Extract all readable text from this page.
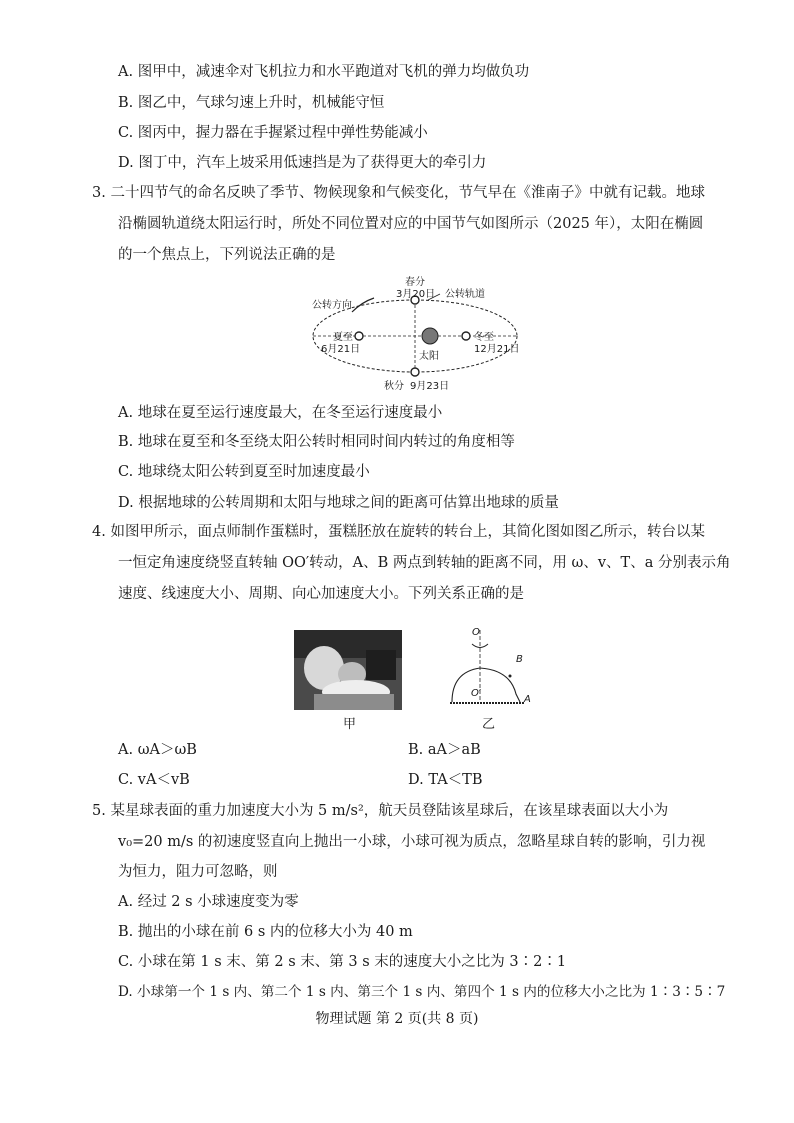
A. 图甲中，减速伞对飞机拉力和水平跑道对飞机的弹力均做负功
B. 图乙中，气球匀速上升时，机械能守恒
C. 图丙中，握力器在手握紧过程中弹性势能减小
D. 图丁中，汽车上坡采用低速挡是为了获得更大的牵引力
3. 二十四节气的命名反映了季节、物候现象和气候变化，节气早在《淮南子》中就有记载。地球
沿椭圆轨道绕太阳运行时，所处不同位置对应的中国节气如图所示（2025 年），太阳在椭圆
的一个焦点上，下列说法正确的是
春分
3月20日 公转轨道
公转方向
夏至
6月21日
冬至
12月21日
太阳
秋分 9月23日
A. 地球在夏至运行速度最大，在冬至运行速度最小
B. 地球在夏至和冬至绕太阳公转时相同时间内转过的角度相等
C. 地球绕太阳公转到夏至时加速度最小
D. 根据地球的公转周期和太阳与地球之间的距离可估算出地球的质量
4. 如图甲所示，面点师制作蛋糕时，蛋糕胚放在旋转的转台上，其简化图如图乙所示，转台以某
一恒定角速度绕竖直转轴 OO′转动，A、B 两点到转轴的距离不同，用 ω、v、T、a 分别表示角
速度、线速度大小、周期、向心加速度大小。下列关系正确的是
甲
O
O′
B
A
乙
A. ωA＞ωB	B. aA＞aB
C. vA＜vB	D. TA＜TB
5. 某星球表面的重力加速度大小为 5 m/s²，航天员登陆该星球后，在该星球表面以大小为
v₀=20 m/s 的初速度竖直向上抛出一小球，小球可视为质点，忽略星球自转的影响，引力视
为恒力，阻力可忽略，则
A. 经过 2 s 小球速度变为零
B. 抛出的小球在前 6 s 内的位移大小为 40 m
C. 小球在第 1 s 末、第 2 s 末、第 3 s 末的速度大小之比为 3∶2∶1
D. 小球第一个 1 s 内、第二个 1 s 内、第三个 1 s 内、第四个 1 s 内的位移大小之比为 1∶3∶5∶7
物理试题 第 2 页(共 8 页)
